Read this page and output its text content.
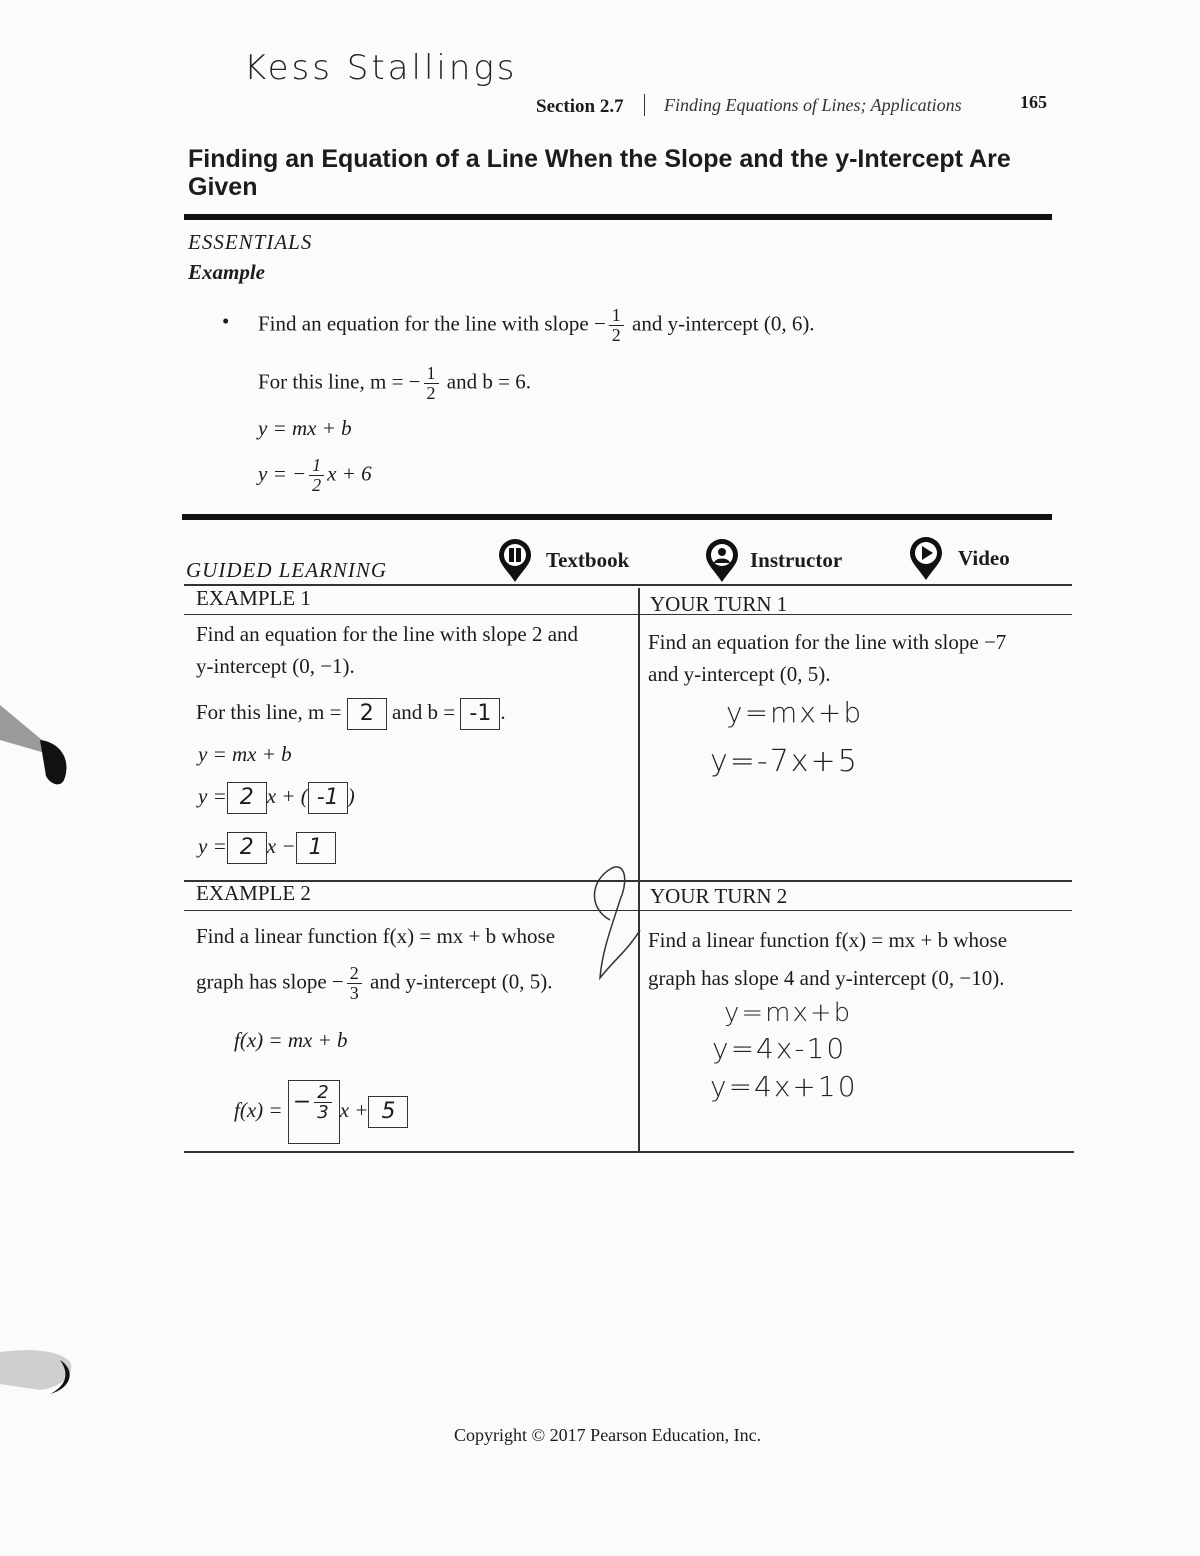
Kess Stallings
Section 2.7 Finding Equations of Lines; Applications	165
Finding an Equation of a Line When the Slope and the y-Intercept Are Given
ESSENTIALS
Example
• Find an equation for the line with slope − $\frac{1}{2}$ and y-intercept (0, 6).
For this line, m = − $\frac{1}{2}$ and b = 6.
y = mx + b
y = − $\frac{1}{2}$ x + 6
GUIDED LEARNING	Textbook	Instructor	Video
EXAMPLE 1
Find an equation for the line with slope 2 and
y-intercept (0, −1).
For this line, m = 2 and b = -1 .
y = mx + b
y = 2 x + ( -1 )
y = 2 x − 1
YOUR TURN 1
Find an equation for the line with slope −7
and y-intercept (0, 5).
y=mx+b
y=-7x+5
EXAMPLE 2
Find a linear function f(x) = mx + b whose
graph has slope − $\frac{2}{3}$ and y-intercept (0, 5).
f(x) = mx + b
f(x) = − $\frac{2}{3}$ x + 5
YOUR TURN 2
Find a linear function f(x) = mx + b whose
graph has slope 4 and y-intercept (0, −10).
y=mx+b
y=4x-10
y=4x+10
Copyright © 2017 Pearson Education, Inc.
